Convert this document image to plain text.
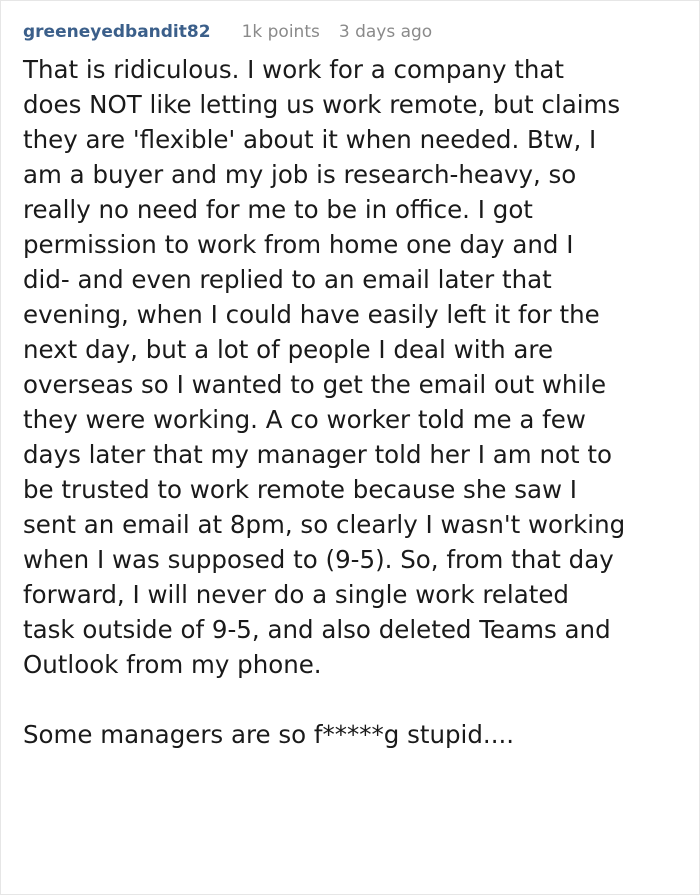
greeneyedbandit82 1k points 3 days ago

That is ridiculous. I work for a company that
does NOT like letting us work remote, but claims
they are 'flexible' about it when needed. Btw, I
am a buyer and my job is research-heavy, so
really no need for me to be in office. I got
permission to work from home one day and I
did- and even replied to an email later that
evening, when I could have easily left it for the
next day, but a lot of people I deal with are
overseas so I wanted to get the email out while
they were working. A co worker told me a few
days later that my manager told her I am not to
be trusted to work remote because she saw I
sent an email at 8pm, so clearly I wasn't working
when I was supposed to (9-5). So, from that day
forward, I will never do a single work related
task outside of 9-5, and also deleted Teams and
Outlook from my phone.

Some managers are so f*****g stupid....
